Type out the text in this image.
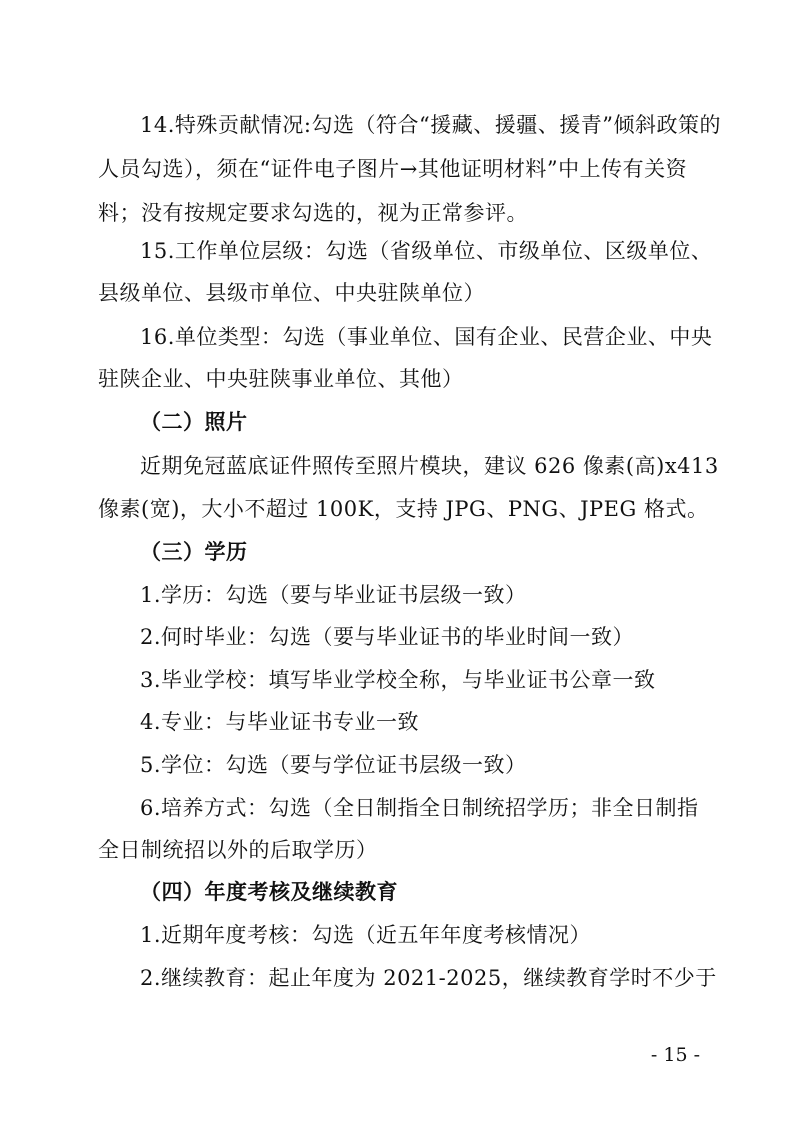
14.特殊贡献情况:勾选（符合“援藏、援疆、援青”倾斜政策的
人员勾选），须在“证件电子图片→其他证明材料”中上传有关资
料；没有按规定要求勾选的，视为正常参评。
15.工作单位层级：勾选（省级单位、市级单位、区级单位、
县级单位、县级市单位、中央驻陕单位）
16.单位类型：勾选（事业单位、国有企业、民营企业、中央
驻陕企业、中央驻陕事业单位、其他）
（二）照片
近期免冠蓝底证件照传至照片模块，建议 626 像素(高)x413
像素(宽)，大小不超过 100K，支持 JPG、PNG、JPEG 格式。
（三）学历
1.学历：勾选（要与毕业证书层级一致）
2.何时毕业：勾选（要与毕业证书的毕业时间一致）
3.毕业学校：填写毕业学校全称，与毕业证书公章一致
4.专业：与毕业证书专业一致
5.学位：勾选（要与学位证书层级一致）
6.培养方式：勾选（全日制指全日制统招学历；非全日制指
全日制统招以外的后取学历）
（四）年度考核及继续教育
1.近期年度考核：勾选（近五年年度考核情况）
2.继续教育：起止年度为 2021-2025，继续教育学时不少于
- 15 -
